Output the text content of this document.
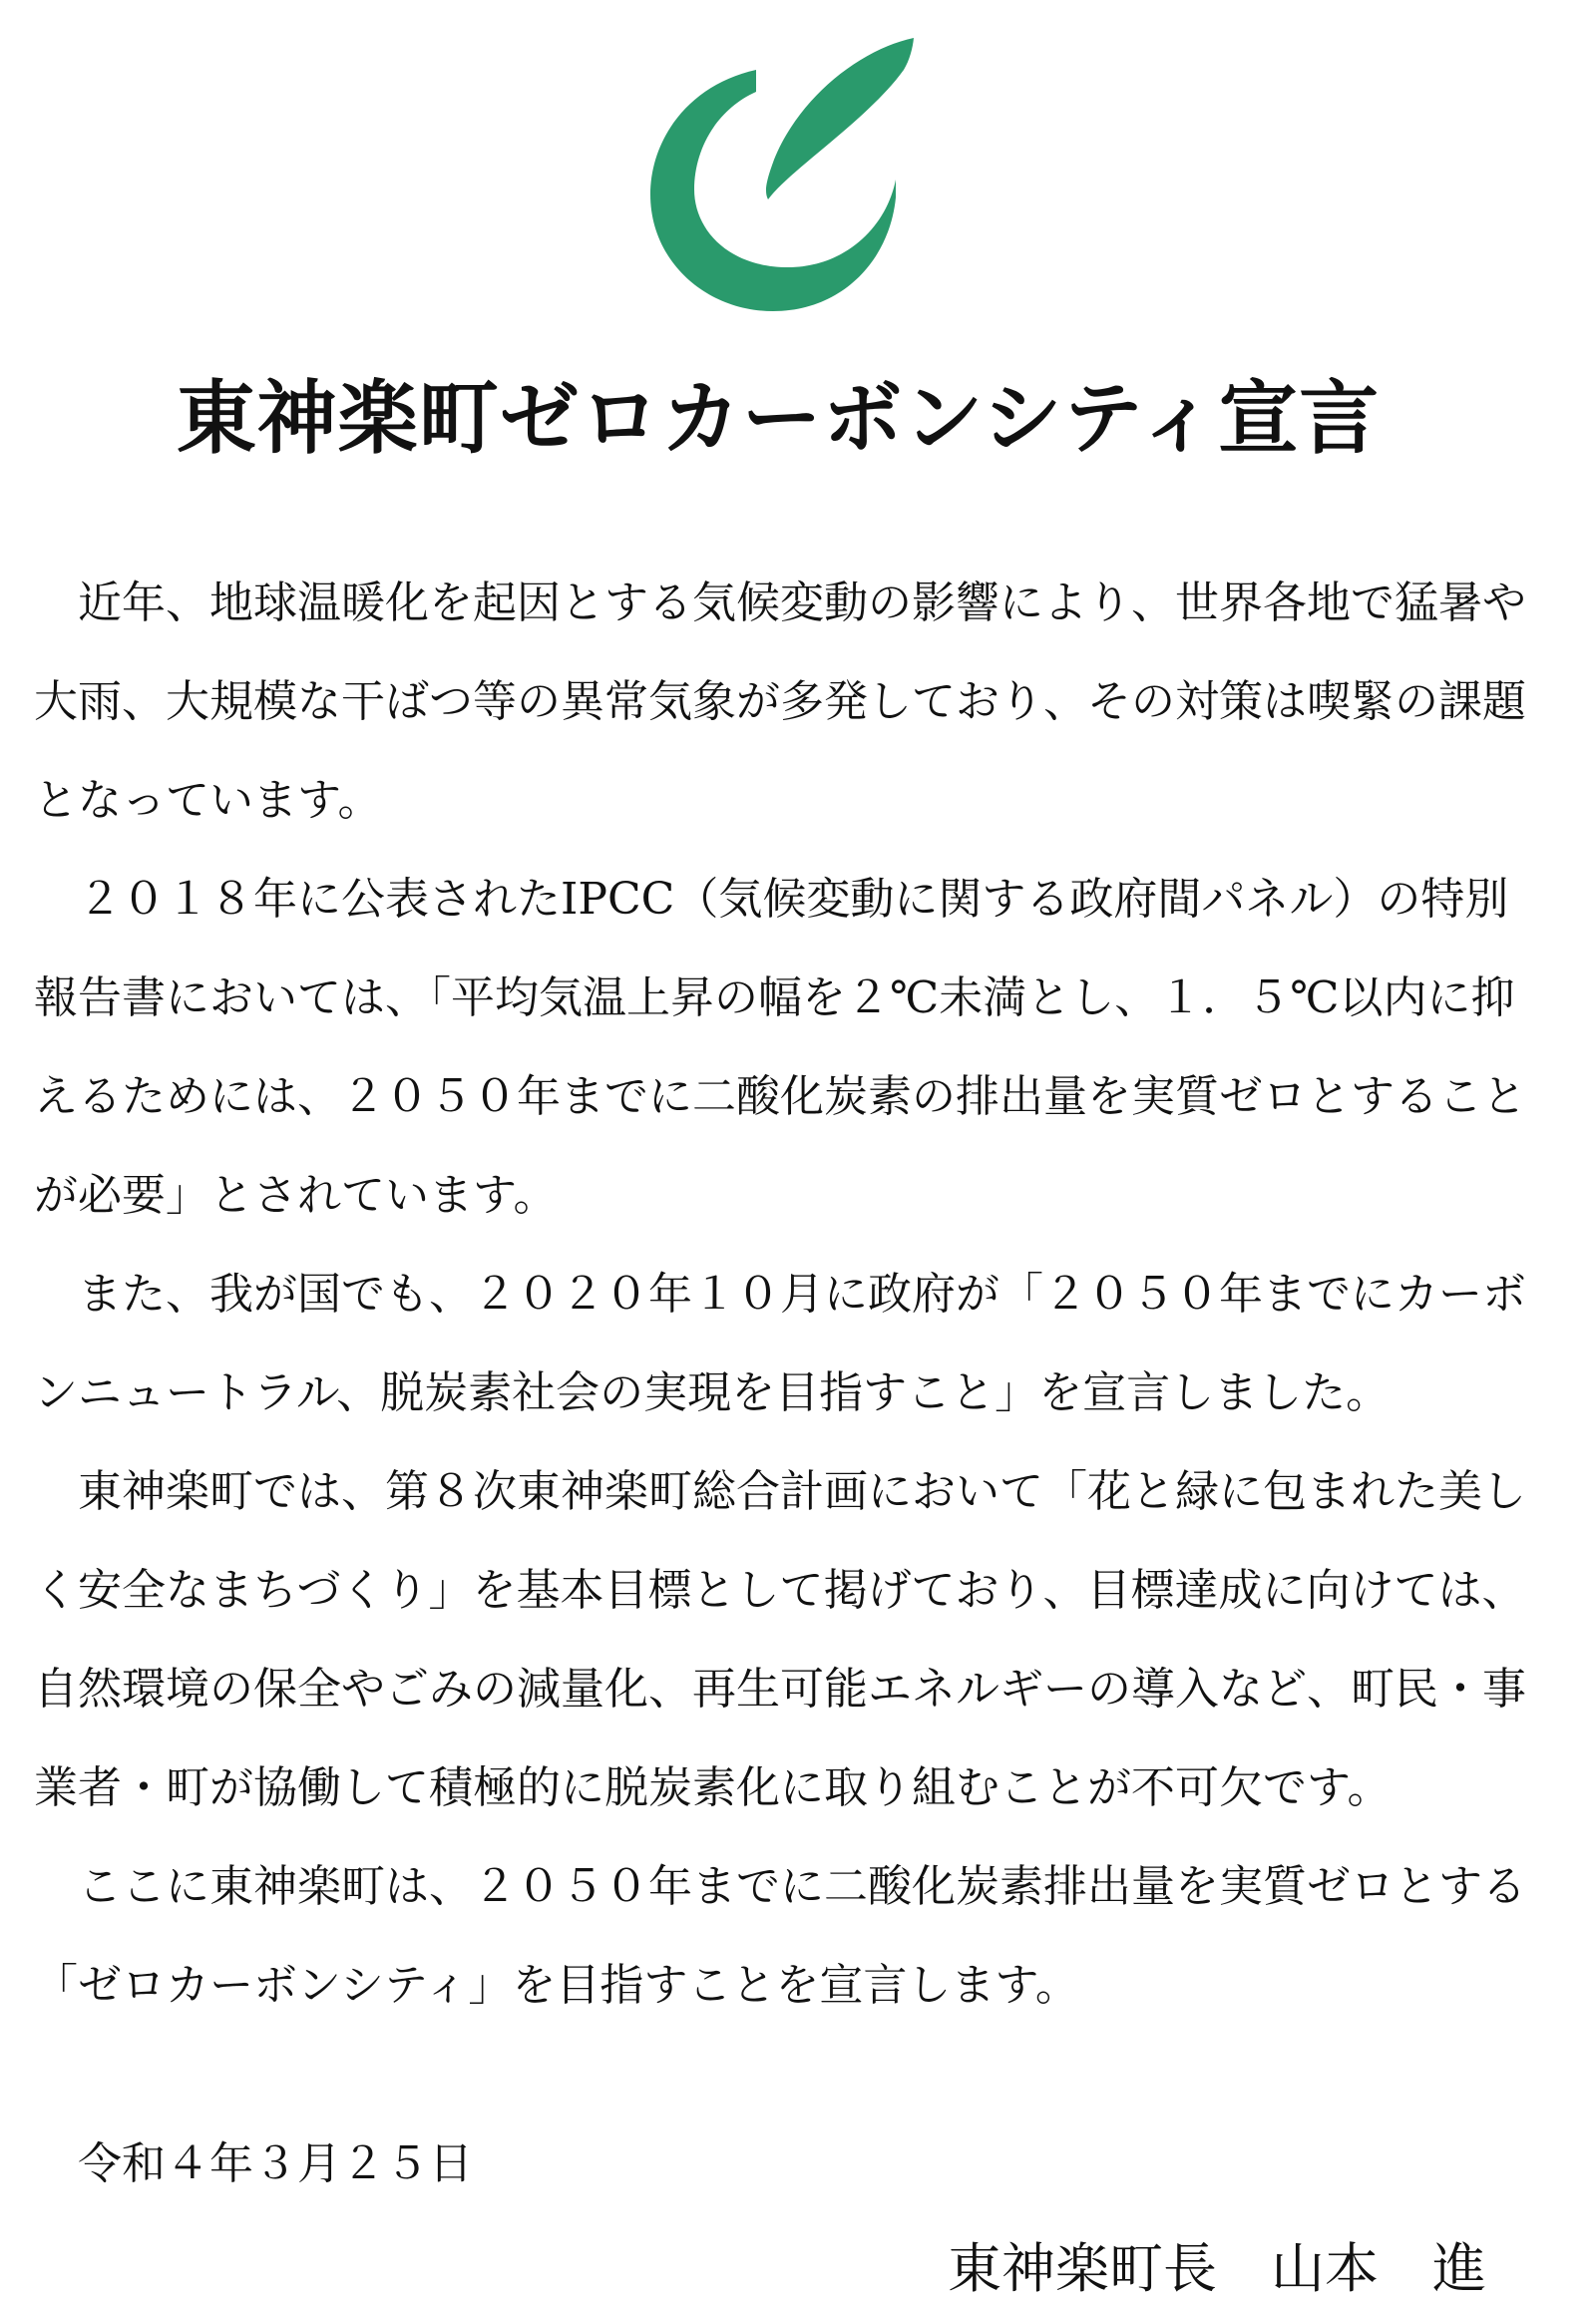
東神楽町ゼロカーボンシティ宣言

近年、地球温暖化を起因とする気候変動の影響により、世界各地で猛暑や大雨、大規模な干ばつ等の異常気象が多発しており、その対策は喫緊の課題となっています。

２０１８年に公表されたIPCC（気候変動に関する政府間パネル）の特別報告書においては、「平均気温上昇の幅を２℃未満とし、１．５℃以内に抑えるためには、２０５０年までに二酸化炭素の排出量を実質ゼロとすることが必要」とされています。

また、我が国でも、２０２０年１０月に政府が「２０５０年までにカーボンニュートラル、脱炭素社会の実現を目指すこと」を宣言しました。

東神楽町では、第８次東神楽町総合計画において「花と緑に包まれた美しく安全なまちづくり」を基本目標として掲げており、目標達成に向けては、自然環境の保全やごみの減量化、再生可能エネルギーの導入など、町民・事業者・町が協働して積極的に脱炭素化に取り組むことが不可欠です。

ここに東神楽町は、２０５０年までに二酸化炭素排出量を実質ゼロとする「ゼロカーボンシティ」を目指すことを宣言します。

令和４年３月２５日

東神楽町長　山本　進
